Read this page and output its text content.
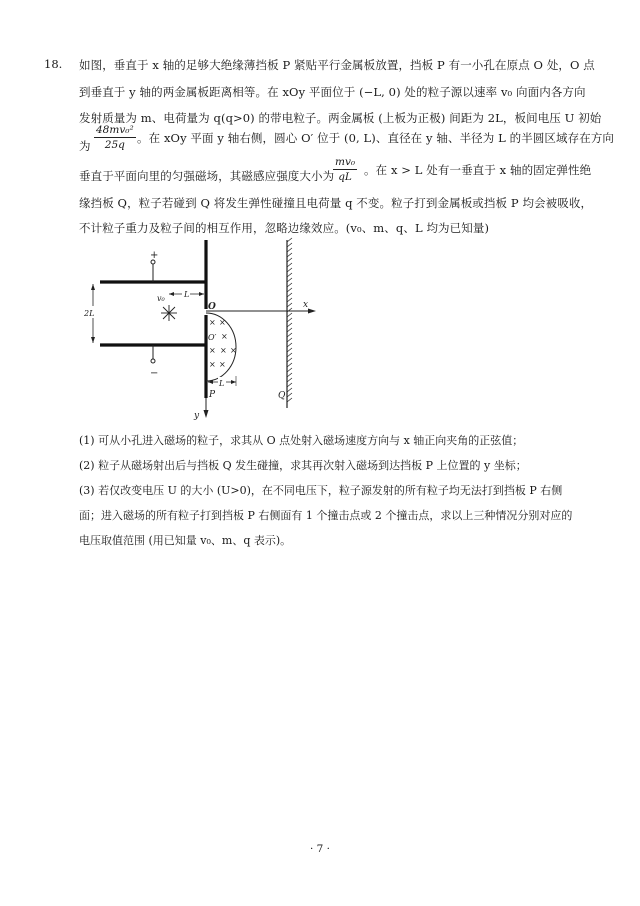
18. 如图，垂直于 x 轴的足够大绝缘薄挡板 P 紧贴平行金属板放置，挡板 P 有一小孔在原点 O 处，O 点
到垂直于 y 轴的两金属板距离相等。在 xOy 平面位于 (−L, 0) 处的粒子源以速率 v₀ 向面内各方向
发射质量为 m、电荷量为 q(q>0) 的带电粒子。两金属板 (上板为正极) 间距为 2L，板间电压 U 初始
为 $\frac{\text{48mv₀²}}{25q}$ 。在 xOy 平面 y 轴右侧，圆心 O′ 位于 (0, L)、直径在 y 轴、半径为 L 的半圆区域存在方向
垂直于平面向里的匀强磁场，其磁感应强度大小为
$\frac{\text{mv₀}}{qL}$ 。在 x > L 处有一垂直于 x 轴的固定弹性绝
缘挡板 Q，粒子若碰到 Q 将发生弹性碰撞且电荷量 q 不变。粒子打到金属板或挡板 P 均会被吸收，
不计粒子重力及粒子间的相互作用，忽略边缘效应。(v₀、m、q、L 均为已知量)
+
−
2L
L
v₀
O	x
y
P
× ×
×
× × ×
× ×
O′
L
Q
(1) 可从小孔进入磁场的粒子，求其从 O 点处射入磁场速度方向与 x 轴正向夹角的正弦值；
(2) 粒子从磁场射出后与挡板 Q 发生碰撞，求其再次射入磁场到达挡板 P 上位置的 y 坐标；
(3) 若仅改变电压 U 的大小 (U>0)，在不同电压下，粒子源发射的所有粒子均无法打到挡板 P 右侧
面；进入磁场的所有粒子打到挡板 P 右侧面有 1 个撞击点或 2 个撞击点，求以上三种情况分别对应的
电压取值范围 (用已知量 v₀、m、q 表示)。
· 7 ·
